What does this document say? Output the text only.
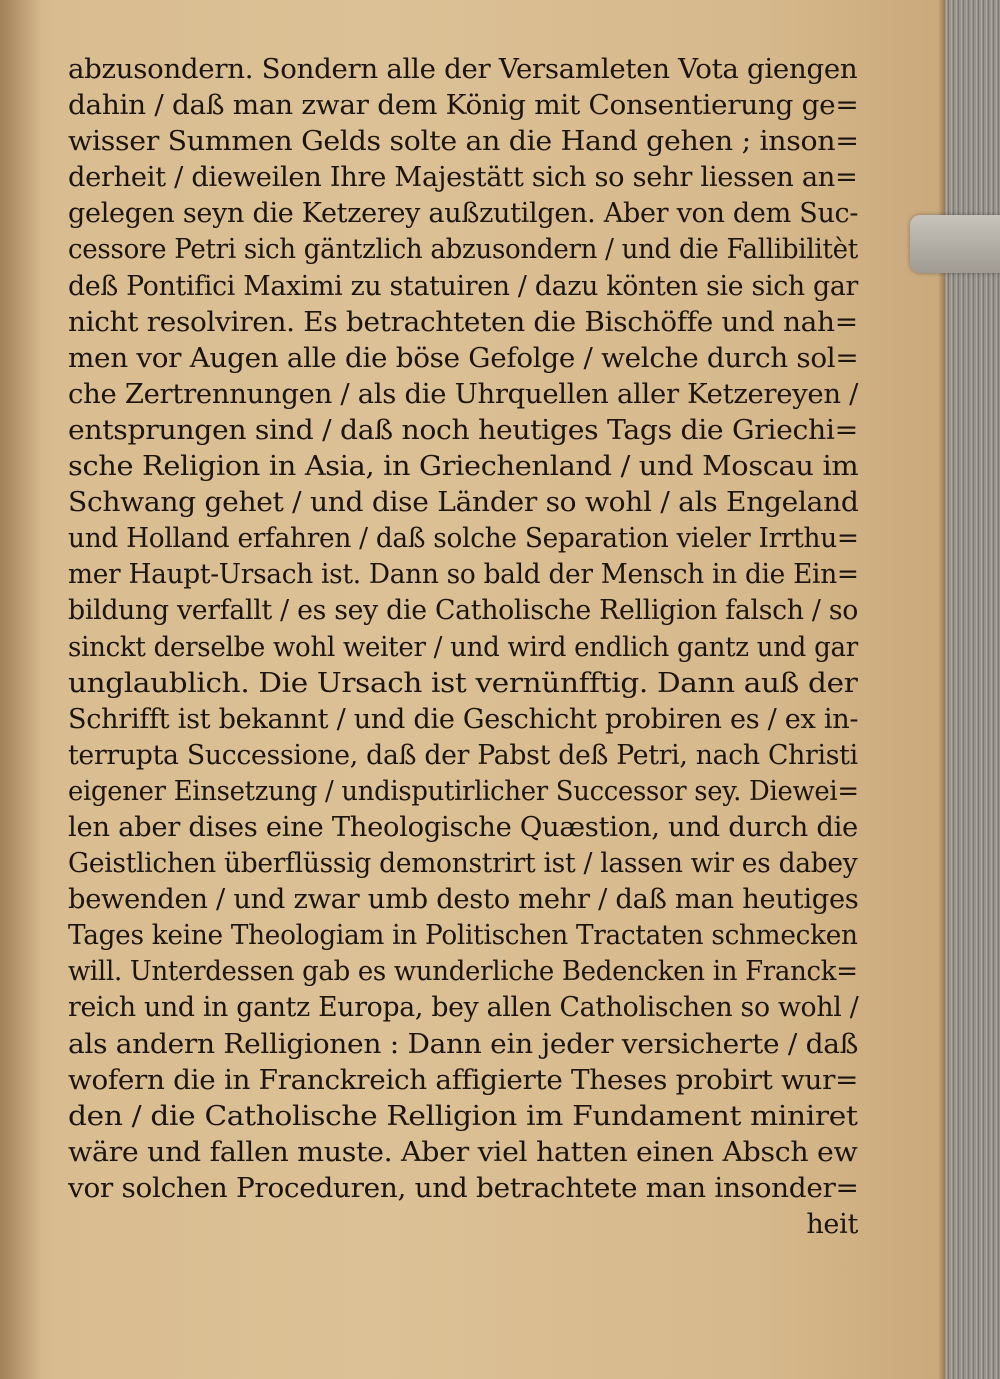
abzusondern. Sondern alle der Versamleten Vota giengen
dahin / daß man zwar dem König mit Consentierung ge=
wisser Summen Gelds solte an die Hand gehen ; inson=
derheit / dieweilen Ihre Majestätt sich so sehr liessen an=
gelegen seyn die Ketzerey außzutilgen. Aber von dem Suc-
cessore Petri sich gäntzlich abzusondern / und die Fallibilitèt
deß Pontifici Maximi zu statuiren / dazu könten sie sich gar
nicht resolviren. Es betrachteten die Bischöffe und nah=
men vor Augen alle die böse Gefolge / welche durch sol=
che Zertrennungen / als die Uhrquellen aller Ketzereyen /
entsprungen sind / daß noch heutiges Tags die Griechi=
sche Religion in Asia, in Griechenland / und Moscau im
Schwang gehet / und dise Länder so wohl / als Engeland
und Holland erfahren / daß solche Separation vieler Irrthu=
mer Haupt-Ursach ist. Dann so bald der Mensch in die Ein=
bildung verfallt / es sey die Catholische Relligion falsch / so
sinckt derselbe wohl weiter / und wird endlich gantz und gar
unglaublich. Die Ursach ist vernünfftig. Dann auß der
Schrifft ist bekannt / und die Geschicht probiren es / ex in-
terrupta Successione, daß der Pabst deß Petri, nach Christi
eigener Einsetzung / undisputirlicher Successor sey. Diewei=
len aber dises eine Theologische Quæstion, und durch die
Geistlichen überflüssig demonstrirt ist / lassen wir es dabey
bewenden / und zwar umb desto mehr / daß man heutiges
Tages keine Theologiam in Politischen Tractaten schmecken
will. Unterdessen gab es wunderliche Bedencken in Franck=
reich und in gantz Europa, bey allen Catholischen so wohl /
als andern Relligionen : Dann ein jeder versicherte / daß
wofern die in Franckreich affigierte Theses probirt wur=
den / die Catholische Relligion im Fundament miniret
wäre und fallen muste. Aber viel hatten einen Absch ew
vor solchen Proceduren, und betrachtete man insonder=
heit
